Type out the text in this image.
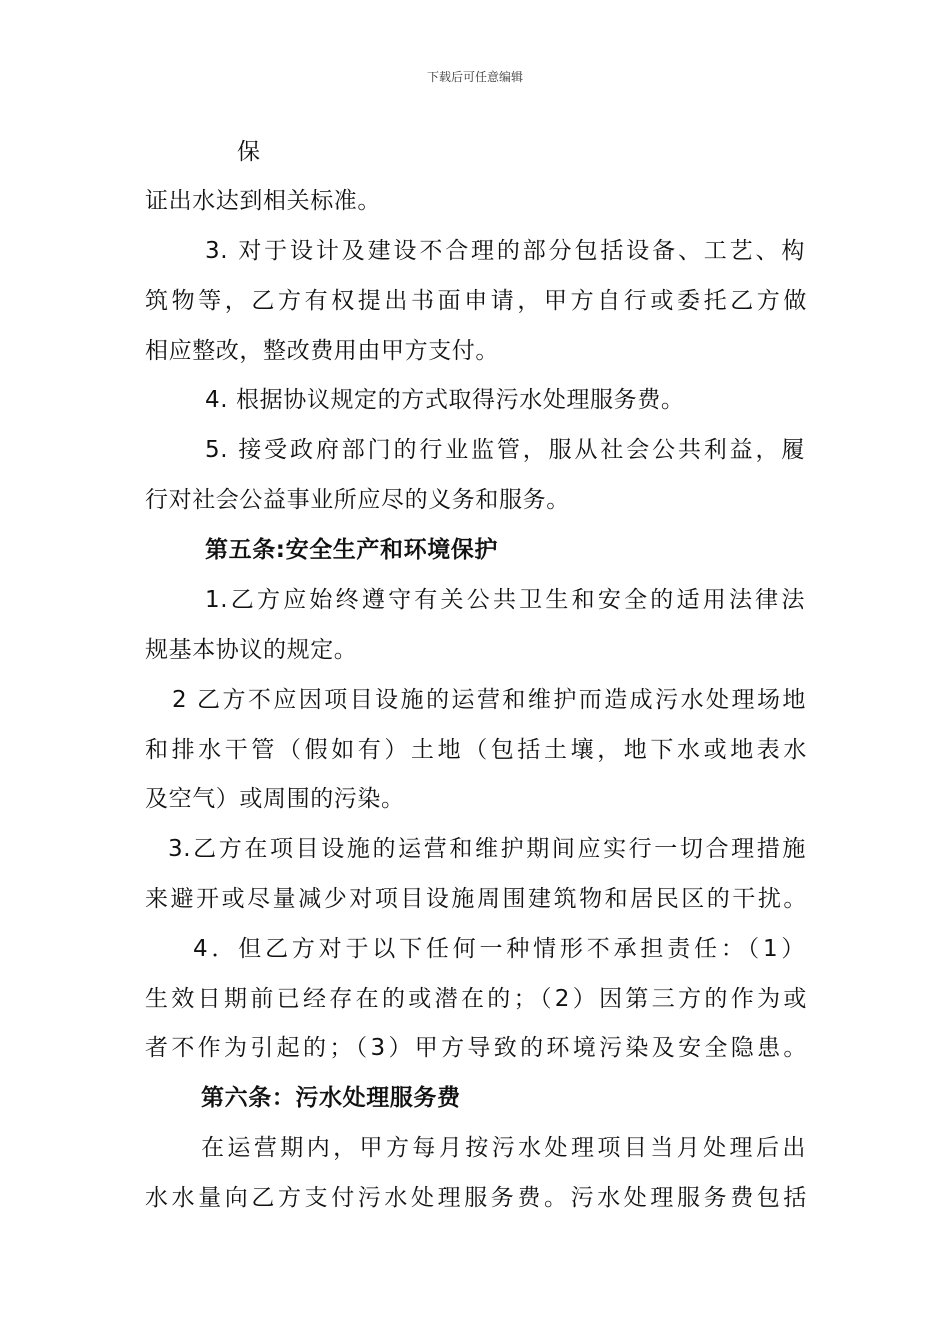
下载后可任意编辑
保
证出水达到相关标准。
3. 对于设计及建设不合理的部分包括设备、工艺、构
筑物等，乙方有权提出书面申请，甲方自行或委托乙方做
相应整改，整改费用由甲方支付。
4. 根据协议规定的方式取得污水处理服务费。
5. 接受政府部门的行业监管，服从社会公共利益，履
行对社会公益事业所应尽的义务和服务。
第五条:安全生产和环境保护
1.乙方应始终遵守有关公共卫生和安全的适用法律法
规基本协议的规定。
2 乙方不应因项目设施的运营和维护而造成污水处理场地
和排水干管（假如有）土地（包括土壤，地下水或地表水
及空气）或周围的污染。
3.乙方在项目设施的运营和维护期间应实行一切合理措施
来避开或尽量减少对项目设施周围建筑物和居民区的干扰。
4．但乙方对于以下任何一种情形不承担责任：（1）
生效日期前已经存在的或潜在的；（2）因第三方的作为或
者不作为引起的；（3）甲方导致的环境污染及安全隐患。
第六条：污水处理服务费
在运营期内，甲方每月按污水处理项目当月处理后出
水水量向乙方支付污水处理服务费。污水处理服务费包括
